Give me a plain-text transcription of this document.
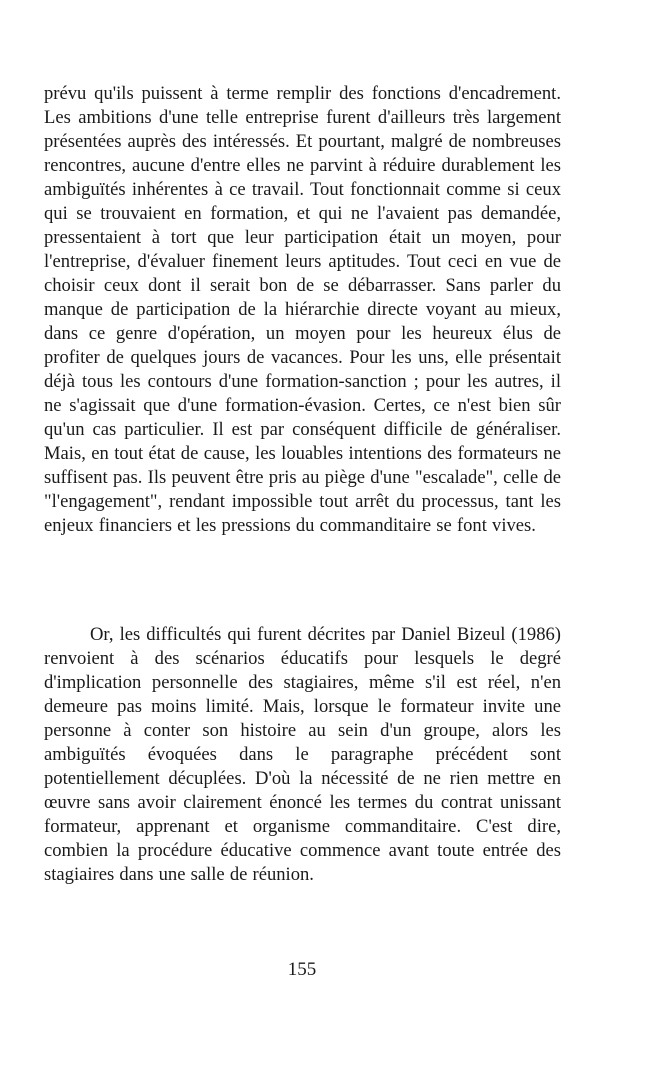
prévu qu'ils puissent à terme remplir des fonctions d'encadrement. Les ambitions d'une telle entreprise furent d'ailleurs très largement présentées auprès des intéressés. Et pourtant, malgré de nombreuses rencontres, aucune d'entre elles ne parvint à réduire durablement les ambiguïtés inhérentes à ce travail. Tout fonctionnait comme si ceux qui se trouvaient en formation, et qui ne l'avaient pas demandée, pressentaient à tort que leur participation était un moyen, pour l'entreprise, d'évaluer finement leurs aptitudes. Tout ceci en vue de choisir ceux dont il serait bon de se débarrasser. Sans parler du manque de participation de la hiérarchie directe voyant au mieux, dans ce genre d'opération, un moyen pour les heureux élus de profiter de quelques jours de vacances. Pour les uns, elle présentait déjà tous les contours d'une formation-sanction ; pour les autres, il ne s'agissait que d'une formation-évasion. Certes, ce n'est bien sûr qu'un cas particulier. Il est par conséquent difficile de généraliser. Mais, en tout état de cause, les louables intentions des formateurs ne suffisent pas. Ils peuvent être pris au piège d'une "escalade", celle de "l'engagement", rendant impossible tout arrêt du processus, tant les enjeux financiers et les pressions du commanditaire se font vives.

Or, les difficultés qui furent décrites par Daniel Bizeul (1986) renvoient à des scénarios éducatifs pour lesquels le degré d'implication personnelle des stagiaires, même s'il est réel, n'en demeure pas moins limité. Mais, lorsque le formateur invite une personne à conter son histoire au sein d'un groupe, alors les ambiguïtés évoquées dans le paragraphe précédent sont potentiellement décuplées. D'où la nécessité de ne rien mettre en œuvre sans avoir clairement énoncé les termes du contrat unissant formateur, apprenant et organisme commanditaire. C'est dire, combien la procédure éducative commence avant toute entrée des stagiaires dans une salle de réunion.

155
